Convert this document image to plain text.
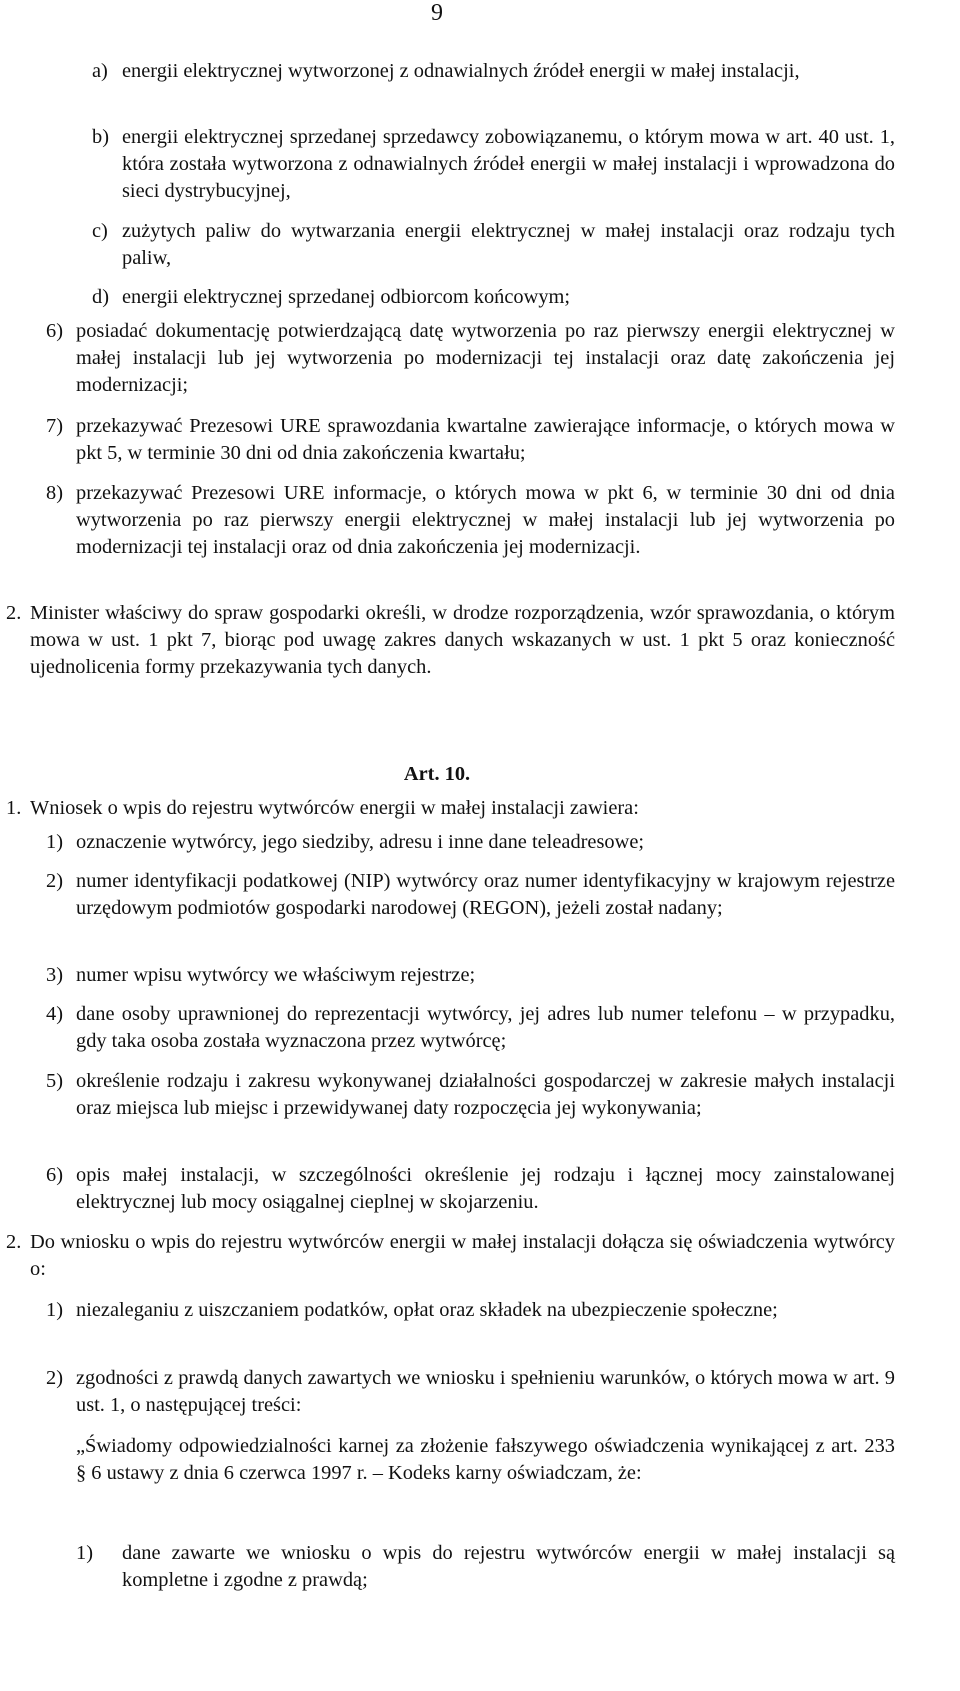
9
a) energii elektrycznej wytworzonej z odnawialnych źródeł energii w małej instalacji,
b) energii elektrycznej sprzedanej sprzedawcy zobowiązanemu, o którym mowa w art. 40 ust. 1, która została wytworzona z odnawialnych źródeł energii w małej instalacji i wprowadzona do sieci dystrybucyjnej,
c) zużytych paliw do wytwarzania energii elektrycznej w małej instalacji oraz rodzaju tych paliw,
d) energii elektrycznej sprzedanej odbiorcom końcowym;
6) posiadać dokumentację potwierdzającą datę wytworzenia po raz pierwszy energii elektrycznej w małej instalacji lub jej wytworzenia po modernizacji tej instalacji oraz datę zakończenia jej modernizacji;
7) przekazywać Prezesowi URE sprawozdania kwartalne zawierające informacje, o których mowa w pkt 5, w terminie 30 dni od dnia zakończenia kwartału;
8) przekazywać Prezesowi URE informacje, o których mowa w pkt 6, w terminie 30 dni od dnia wytworzenia po raz pierwszy energii elektrycznej w małej instalacji lub jej wytworzenia po modernizacji tej instalacji oraz od dnia zakończenia jej modernizacji.
2. Minister właściwy do spraw gospodarki określi, w drodze rozporządzenia, wzór sprawozdania, o którym mowa w ust. 1 pkt 7, biorąc pod uwagę zakres danych wskazanych w ust. 1 pkt 5 oraz konieczność ujednolicenia formy przekazywania tych danych.
Art. 10.
1. Wniosek o wpis do rejestru wytwórców energii w małej instalacji zawiera:
1) oznaczenie wytwórcy, jego siedziby, adresu i inne dane teleadresowe;
2) numer identyfikacji podatkowej (NIP) wytwórcy oraz numer identyfikacyjny w krajowym rejestrze urzędowym podmiotów gospodarki narodowej (REGON), jeżeli został nadany;
3) numer wpisu wytwórcy we właściwym rejestrze;
4) dane osoby uprawnionej do reprezentacji wytwórcy, jej adres lub numer telefonu – w przypadku, gdy taka osoba została wyznaczona przez wytwórcę;
5) określenie rodzaju i zakresu wykonywanej działalności gospodarczej w zakresie małych instalacji oraz miejsca lub miejsc i przewidywanej daty rozpoczęcia jej wykonywania;
6) opis małej instalacji, w szczególności określenie jej rodzaju i łącznej mocy zainstalowanej elektrycznej lub mocy osiągalnej cieplnej w skojarzeniu.
2. Do wniosku o wpis do rejestru wytwórców energii w małej instalacji dołącza się oświadczenia wytwórcy o:
1) niezaleganiu z uiszczaniem podatków, opłat oraz składek na ubezpieczenie społeczne;
2) zgodności z prawdą danych zawartych we wniosku i spełnieniu warunków, o których mowa w art. 9 ust. 1, o następującej treści:
„Świadomy odpowiedzialności karnej za złożenie fałszywego oświadczenia wynikającej z art. 233 § 6 ustawy z dnia 6 czerwca 1997 r. – Kodeks karny oświadczam, że:
1) dane zawarte we wniosku o wpis do rejestru wytwórców energii w małej instalacji są kompletne i zgodne z prawdą;
